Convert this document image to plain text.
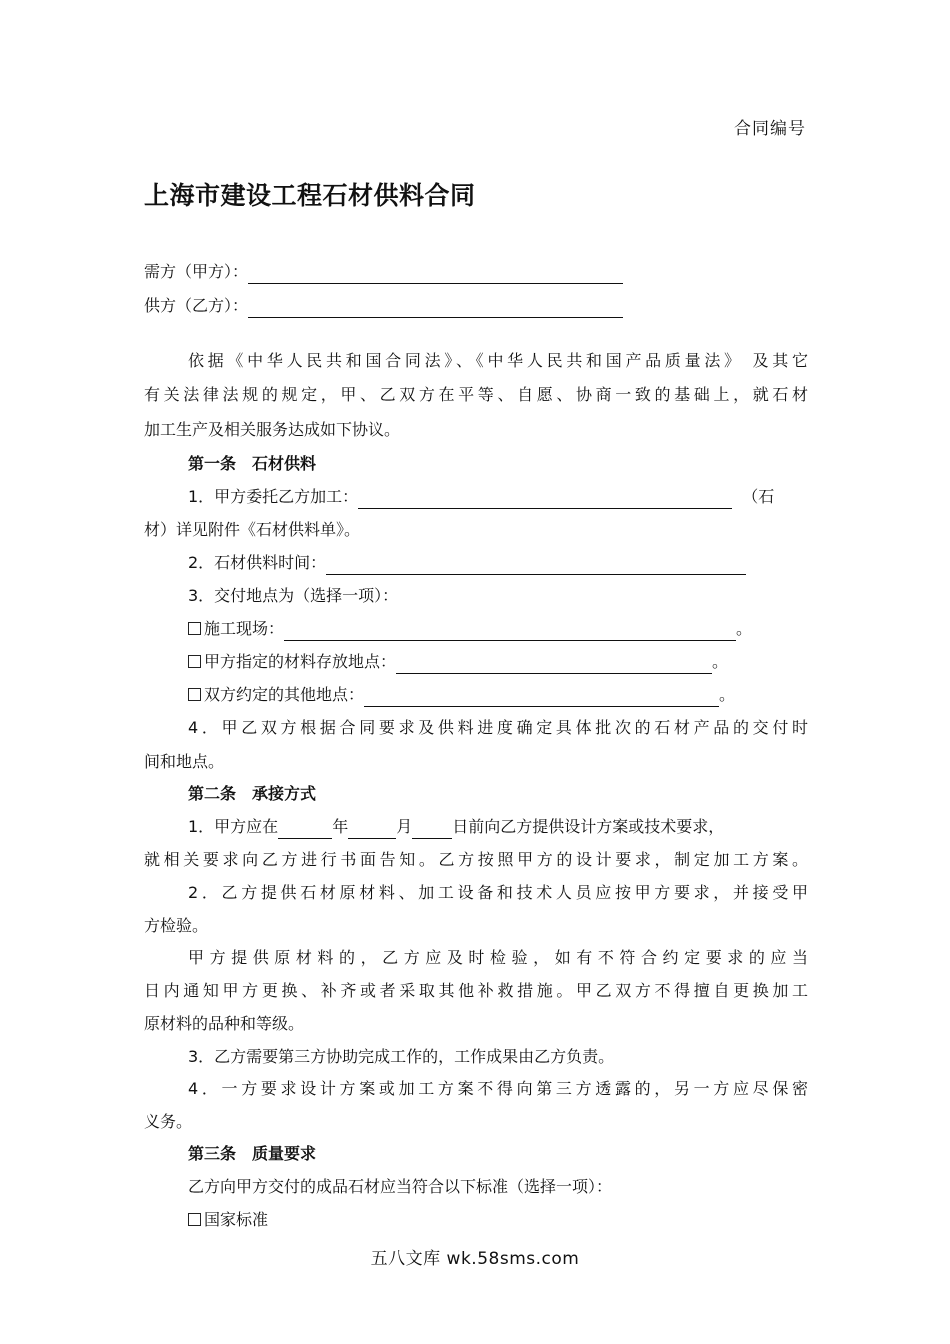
合同编号
上海市建设工程石材供料合同
需方（甲方）：
供方（乙方）：
依据《中华人民共和国合同法》、《中华人民共和国产品质量法》 及其它
有关法律法规的规定，甲、乙双方在平等、自愿、协商一致的基础上，就石材
加工生产及相关服务达成如下协议。
第一条　石材供料
1．甲方委托乙方加工：	（石
材）详见附件《石材供料单》。
2．石材供料时间：
3．交付地点为（选择一项）：
施工现场：	。
甲方指定的材料存放地点：	。
双方约定的其他地点：	。
4．甲乙双方根据合同要求及供料进度确定具体批次的石材产品的交付时
间和地点。
第二条　承接方式
1．甲方应在	年	月	日前向乙方提供设计方案或技术要求，
就相关要求向乙方进行书面告知。乙方按照甲方的设计要求，制定加工方案。
2．乙方提供石材原材料、加工设备和技术人员应按甲方要求，并接受甲
方检验。
甲方提供原材料的，乙方应及时检验，如有不符合约定要求的应当
日内通知甲方更换、补齐或者采取其他补救措施。甲乙双方不得擅自更换加工
原材料的品种和等级。
3．乙方需要第三方协助完成工作的，工作成果由乙方负责。
4．一方要求设计方案或加工方案不得向第三方透露的，另一方应尽保密
义务。
第三条　质量要求
乙方向甲方交付的成品石材应当符合以下标准（选择一项）：
国家标准
五八文库 wk.58sms.com
